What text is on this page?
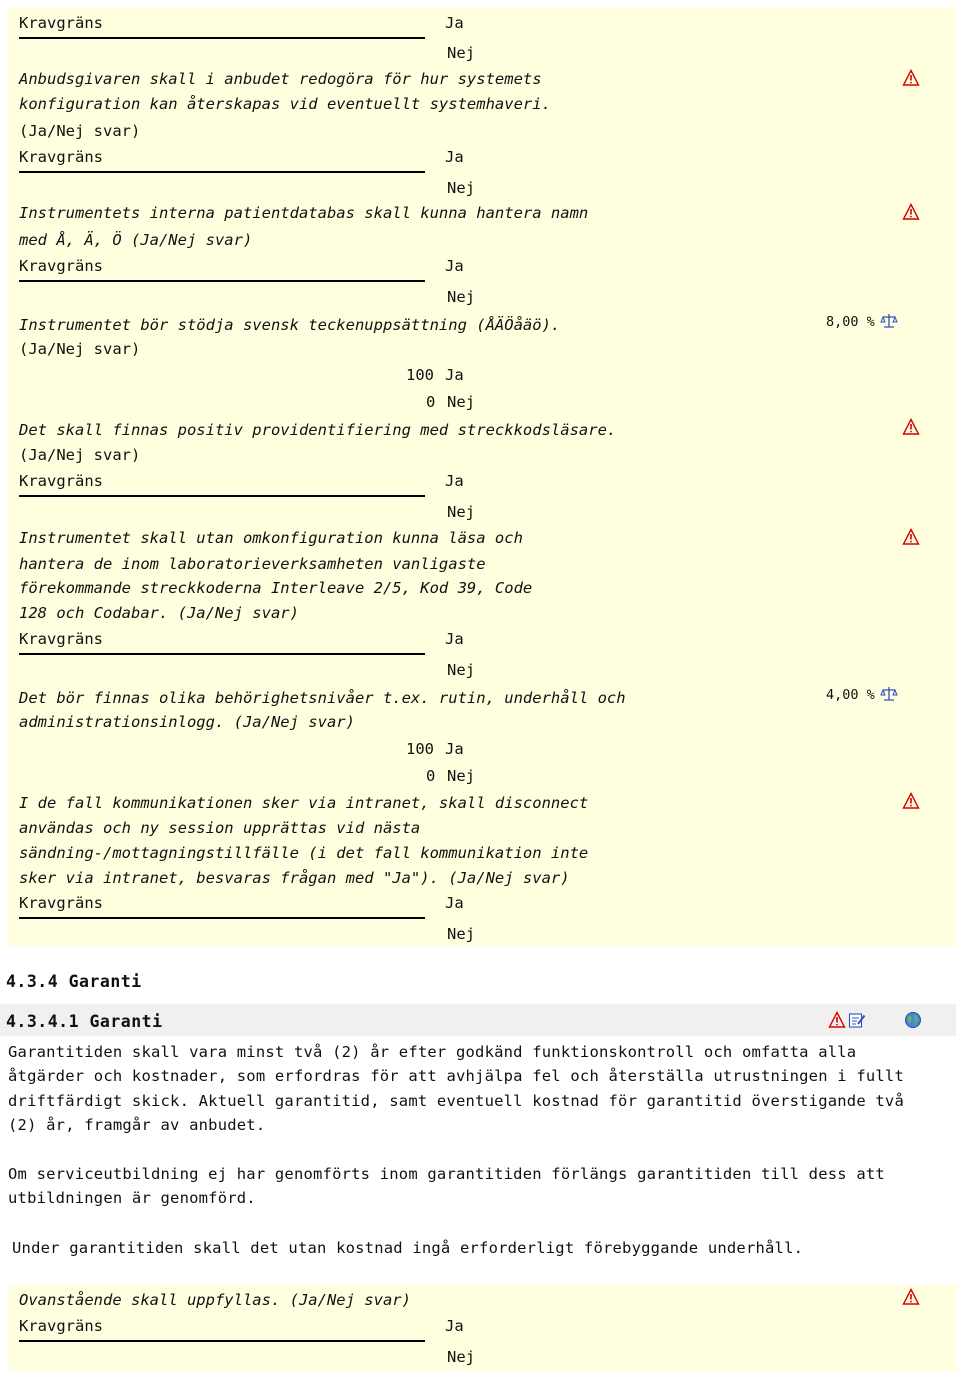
Kravgräns	Ja
Nej
Anbudsgivaren skall i anbudet redogöra för hur systemets
konfiguration kan återskapas vid eventuellt systemhaveri.
(Ja/Nej svar)
Kravgräns	Ja
Nej
Instrumentets interna patientdatabas skall kunna hantera namn
med Å, Ä, Ö (Ja/Nej svar)
Kravgräns	Ja
Nej
Instrumentet bör stödja svensk teckenuppsättning (ÅÄÖåäö).
(Ja/Nej svar)
100 Ja
0 Nej
8,00 %
Det skall finnas positiv providentifiering med streckkodsläsare.
(Ja/Nej svar)
Kravgräns	Ja
Nej
Instrumentet skall utan omkonfiguration kunna läsa och
hantera de inom laboratorieverksamheten vanligaste
förekommande streckkoderna Interleave 2/5, Kod 39, Code
128 och Codabar. (Ja/Nej svar)
Kravgräns	Ja
Nej
Det bör finnas olika behörighetsnivåer t.ex. rutin, underhåll och
administrationsinlogg. (Ja/Nej svar)
100 Ja
0 Nej
4,00 %
I de fall kommunikationen sker via intranet, skall disconnect
användas och ny session upprättas vid nästa
sändning-/mottagningstillfälle (i det fall kommunikation inte
sker via intranet, besvaras frågan med "Ja"). (Ja/Nej svar)
Kravgräns	Ja
Nej
4.3.4 Garanti
4.3.4.1 Garanti
Garantitiden skall vara minst två (2) år efter godkänd funktionskontroll och omfatta alla
åtgärder och kostnader, som erfordras för att avhjälpa fel och återställa utrustningen i fullt
driftfärdigt skick. Aktuell garantitid, samt eventuell kostnad för garantitid överstigande två
(2) år, framgår av anbudet.
Om serviceutbildning ej har genomförts inom garantitiden förlängs garantitiden till dess att
utbildningen är genomförd.
Under garantitiden skall det utan kostnad ingå erforderligt förebyggande underhåll.
Ovanstående skall uppfyllas. (Ja/Nej svar)
Kravgräns	Ja
Nej
